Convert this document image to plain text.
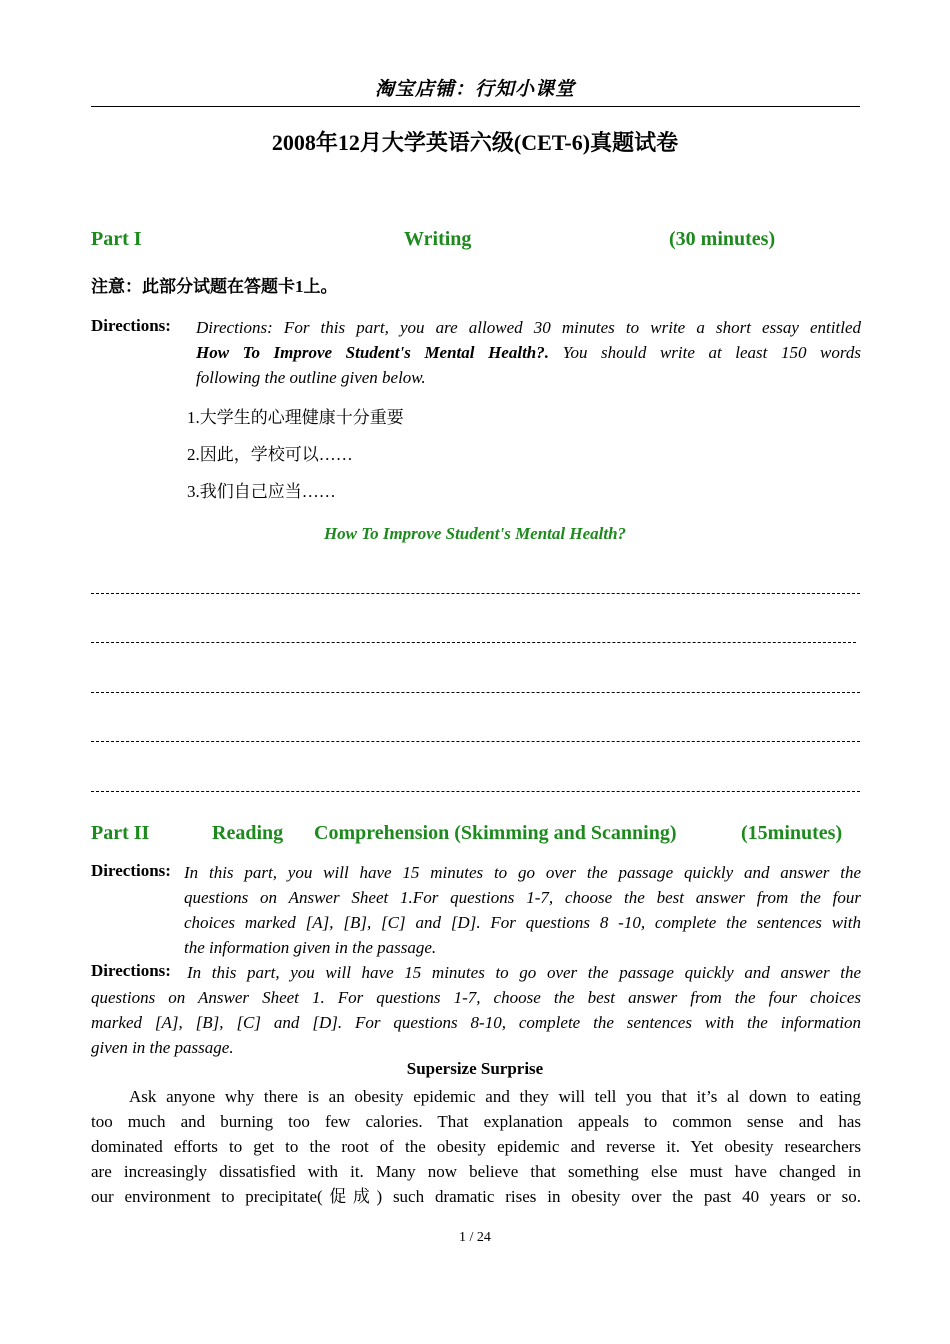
淘宝店铺：行知小课堂
2008年12月大学英语六级(CET-6)真题试卷
Part I	Writing	(30 minutes)
注意：此部分试题在答题卡1上。
Directions: Directions: For this part, you are allowed 30 minutes to write a short essay entitled
How To Improve Student's Mental Health?. You should write at least 150 words
following the outline given below.
1.大学生的心理健康十分重要
2.因此，学校可以……
3.我们自己应当……
How To Improve Student's Mental Health?
Part II	Reading Comprehension (Skimming and Scanning)	(15minutes)
Directions: In this part, you will have 15 minutes to go over the passage quickly and answer the
questions on Answer Sheet 1.For questions 1-7, choose the best answer from the four
choices marked [A], [B], [C] and [D]. For questions 8 -10, complete the sentences with
the information given in the passage.
Directions: In this part, you will have 15 minutes to go over the passage quickly and answer the
questions on Answer Sheet 1. For questions 1-7, choose the best answer from the four choices
marked [A], [B], [C] and [D]. For questions 8-10, complete the sentences with the information
given in the passage.
Supersize Surprise
Ask anyone why there is an obesity epidemic and they will tell you that it’s al down to eating
too much and burning too few calories. That explanation appeals to common sense and has
dominated efforts to get to the root of the obesity epidemic and reverse it. Yet obesity researchers
are increasingly dissatisfied with it. Many now believe that something else must have changed in
our environment to precipitate(促成) such dramatic rises in obesity over the past 40 years or so.
1 / 24
